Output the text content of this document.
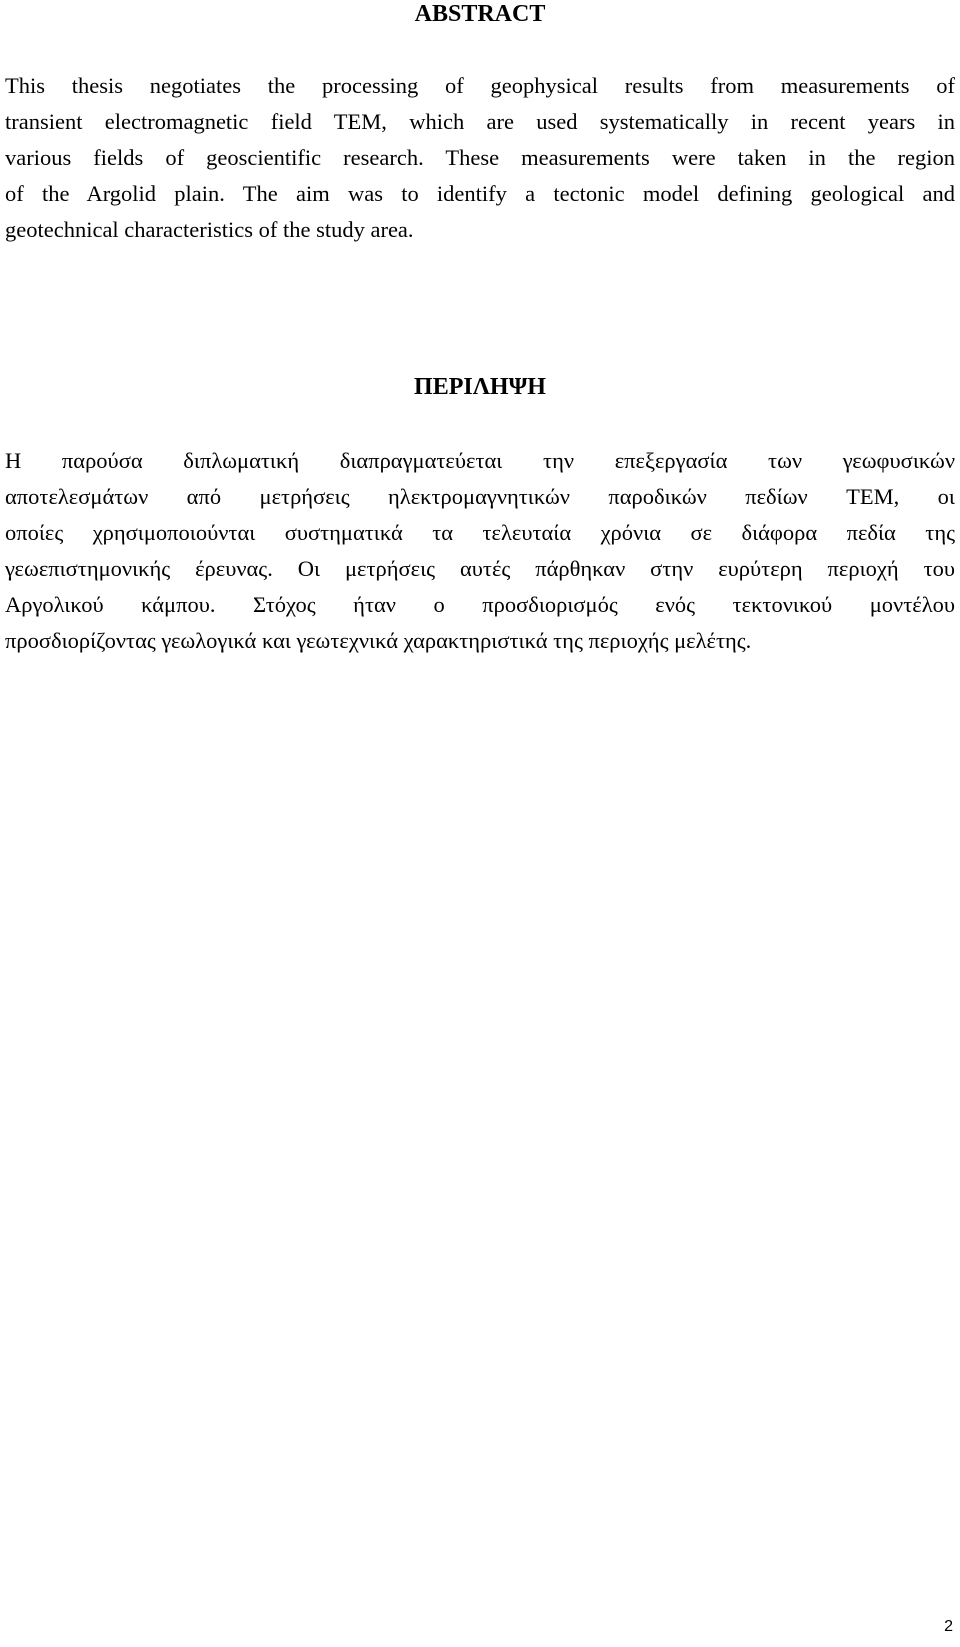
ABSTRACT

This thesis negotiates the processing of geophysical results from measurements of
transient electromagnetic field TEM, which are used systematically in recent years in
various fields of geoscientific research. These measurements were taken in the region
of the Argolid plain. The aim was to identify a tectonic model defining geological and
geotechnical characteristics of the study area.

ΠΕΡΙΛΗΨΗ

Η παρούσα διπλωματική διαπραγματεύεται την επεξεργασία των γεωφυσικών
αποτελεσμάτων από μετρήσεις ηλεκτρομαγνητικών παροδικών πεδίων TEM, οι
οποίες χρησιμοποιούνται συστηματικά τα τελευταία χρόνια σε διάφορα πεδία της
γεωεπιστημονικής έρευνας. Οι μετρήσεις αυτές πάρθηκαν στην ευρύτερη περιοχή του
Αργολικού κάμπου. Στόχος ήταν ο προσδιορισμός ενός τεκτονικού μοντέλου
προσδιορίζοντας γεωλογικά και γεωτεχνικά χαρακτηριστικά της περιοχής μελέτης.

2
